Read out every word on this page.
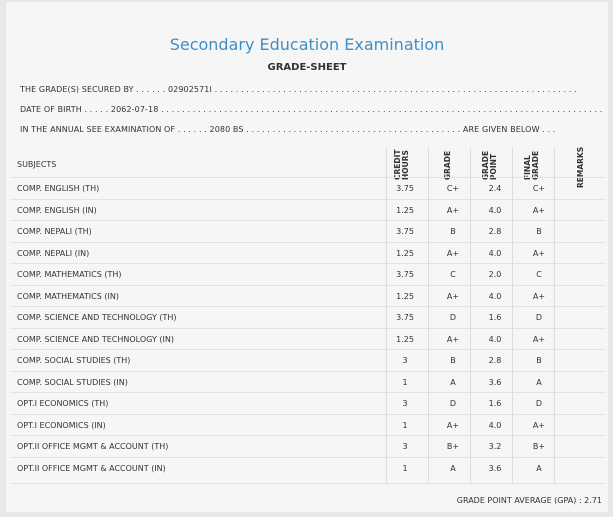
Secondary Education Examination
GRADE-SHEET
THE GRADE(S) SECURED BY . . . . . . 02902571I . . . . . . . . . . . . . . . . . . . . . . . . . . . . . . . . . . . . . . . . . . . . . . . . . . . . . . . . . . . . . . . . . . . . .
DATE OF BIRTH . . . . . 2062-07-18 . . . . . . . . . . . . . . . . . . . . . . . . . . . . . . . . . . . . . . . . . . . . . . . . . . . . . . . . . . . . . . . . . . . . . . . . . . . . . . . . . . . .
IN THE ANNUAL SEE EXAMINATION OF . . . . . . 2080 BS . . . . . . . . . . . . . . . . . . . . . . . . . . . . . . . . . . . . . . . . . ARE GIVEN BELOW . . .
SUBJECTS	CREDIT HOURS	GRADE	GRADE POINT	FINAL GRADE	REMARKS
COMP. ENGLISH (TH)	3.75	C+	2.4	C+
COMP. ENGLISH (IN)	1.25	A+	4.0	A+
COMP. NEPALI (TH)	3.75	B	2.8	B
COMP. NEPALI (IN)	1.25	A+	4.0	A+
COMP. MATHEMATICS (TH)	3.75	C	2.0	C
COMP. MATHEMATICS (IN)	1.25	A+	4.0	A+
COMP. SCIENCE AND TECHNOLOGY (TH)	3.75	D	1.6	D
COMP. SCIENCE AND TECHNOLOGY (IN)	1.25	A+	4.0	A+
COMP. SOCIAL STUDIES (TH)	3	B	2.8	B
COMP. SOCIAL STUDIES (IN)	1	A	3.6	A
OPT.I ECONOMICS (TH)	3	D	1.6	D
OPT.I ECONOMICS (IN)	1	A+	4.0	A+
OPT.II OFFICE MGMT & ACCOUNT (TH)	3	B+	3.2	B+
OPT.II OFFICE MGMT & ACCOUNT (IN)	1	A	3.6	A
GRADE POINT AVERAGE (GPA) : 2.71
